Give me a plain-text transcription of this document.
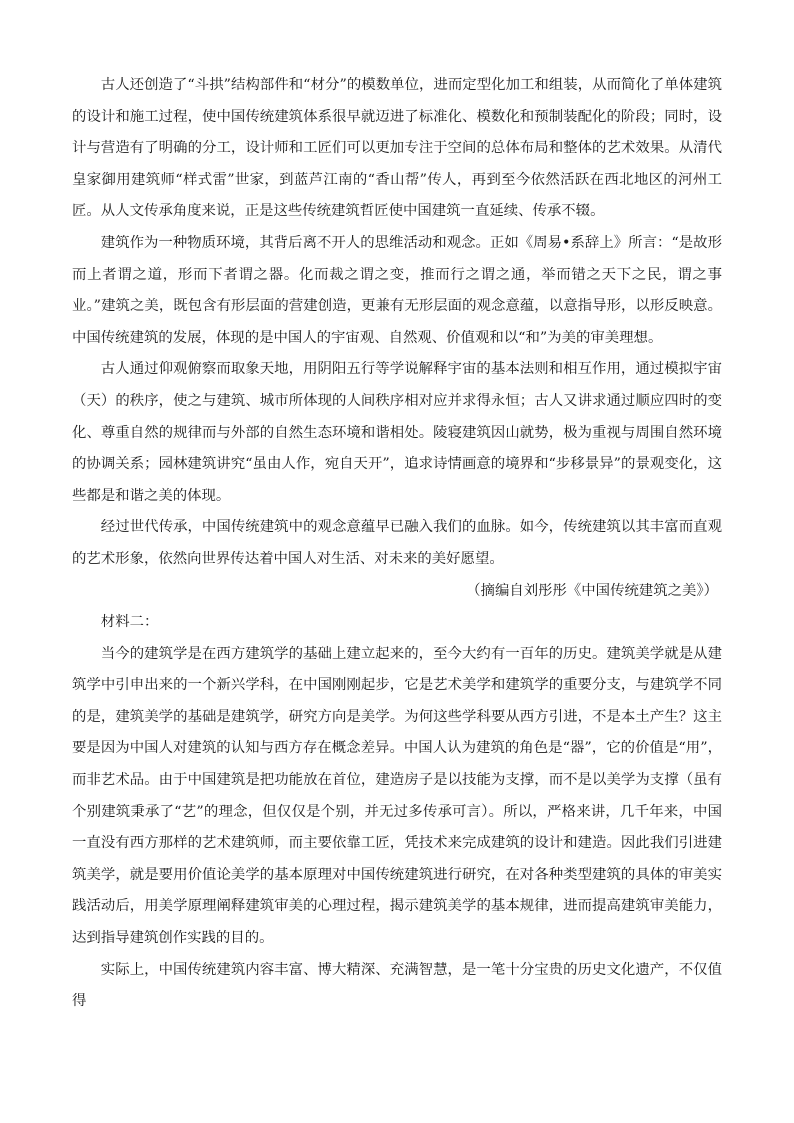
古人还创造了“斗拱”结构部件和“材分”的模数单位，进而定型化加工和组装，从而简化了单体建筑的设计和施工过程，使中国传统建筑体系很早就迈进了标准化、模数化和预制装配化的阶段；同时，设计与营造有了明确的分工，设计师和工匠们可以更加专注于空间的总体布局和整体的艺术效果。从清代皇家御用建筑师“样式雷”世家，到蓝芦江南的“香山帮”传人，再到至今依然活跃在西北地区的河州工匠。从人文传承角度来说，正是这些传统建筑哲匠使中国建筑一直延续、传承不辍。

建筑作为一种物质环境，其背后离不开人的思维活动和观念。正如《周易•系辞上》所言：“是故形而上者谓之道，形而下者谓之器。化而裁之谓之变，推而行之谓之通，举而错之天下之民，谓之事业。”建筑之美，既包含有形层面的营建创造，更兼有无形层面的观念意蕴，以意指导形，以形反映意。中国传统建筑的发展，体现的是中国人的宇宙观、自然观、价值观和以“和”为美的审美理想。

古人通过仰观俯察而取象天地，用阴阳五行等学说解释宇宙的基本法则和相互作用，通过模拟宇宙（天）的秩序，使之与建筑、城市所体现的人间秩序相对应并求得永恒；古人又讲求通过顺应四时的变化、尊重自然的规律而与外部的自然生态环境和谐相处。陵寝建筑因山就势，极为重视与周围自然环境的协调关系；园林建筑讲究“虽由人作，宛自天开”，追求诗情画意的境界和“步移景异”的景观变化，这些都是和谐之美的体现。

经过世代传承，中国传统建筑中的观念意蕴早已融入我们的血脉。如今，传统建筑以其丰富而直观的艺术形象，依然向世界传达着中国人对生活、对未来的美好愿望。

（摘编自刘彤彤《中国传统建筑之美》）

材料二：

当今的建筑学是在西方建筑学的基础上建立起来的，至今大约有一百年的历史。建筑美学就是从建筑学中引申出来的一个新兴学科，在中国刚刚起步，它是艺术美学和建筑学的重要分支，与建筑学不同的是，建筑美学的基础是建筑学，研究方向是美学。为何这些学科要从西方引进，不是本土产生？这主要是因为中国人对建筑的认知与西方存在概念差异。中国人认为建筑的角色是“器”，它的价值是“用”，而非艺术品。由于中国建筑是把功能放在首位，建造房子是以技能为支撑，而不是以美学为支撑（虽有个别建筑秉承了“艺”的理念，但仅仅是个别，并无过多传承可言）。所以，严格来讲，几千年来，中国一直没有西方那样的艺术建筑师，而主要依靠工匠，凭技术来完成建筑的设计和建造。因此我们引进建筑美学，就是要用价值论美学的基本原理对中国传统建筑进行研究，在对各种类型建筑的具体的审美实践活动后，用美学原理阐释建筑审美的心理过程，揭示建筑美学的基本规律，进而提高建筑审美能力，达到指导建筑创作实践的目的。

实际上，中国传统建筑内容丰富、博大精深、充满智慧，是一笔十分宝贵的历史文化遗产，不仅值得
